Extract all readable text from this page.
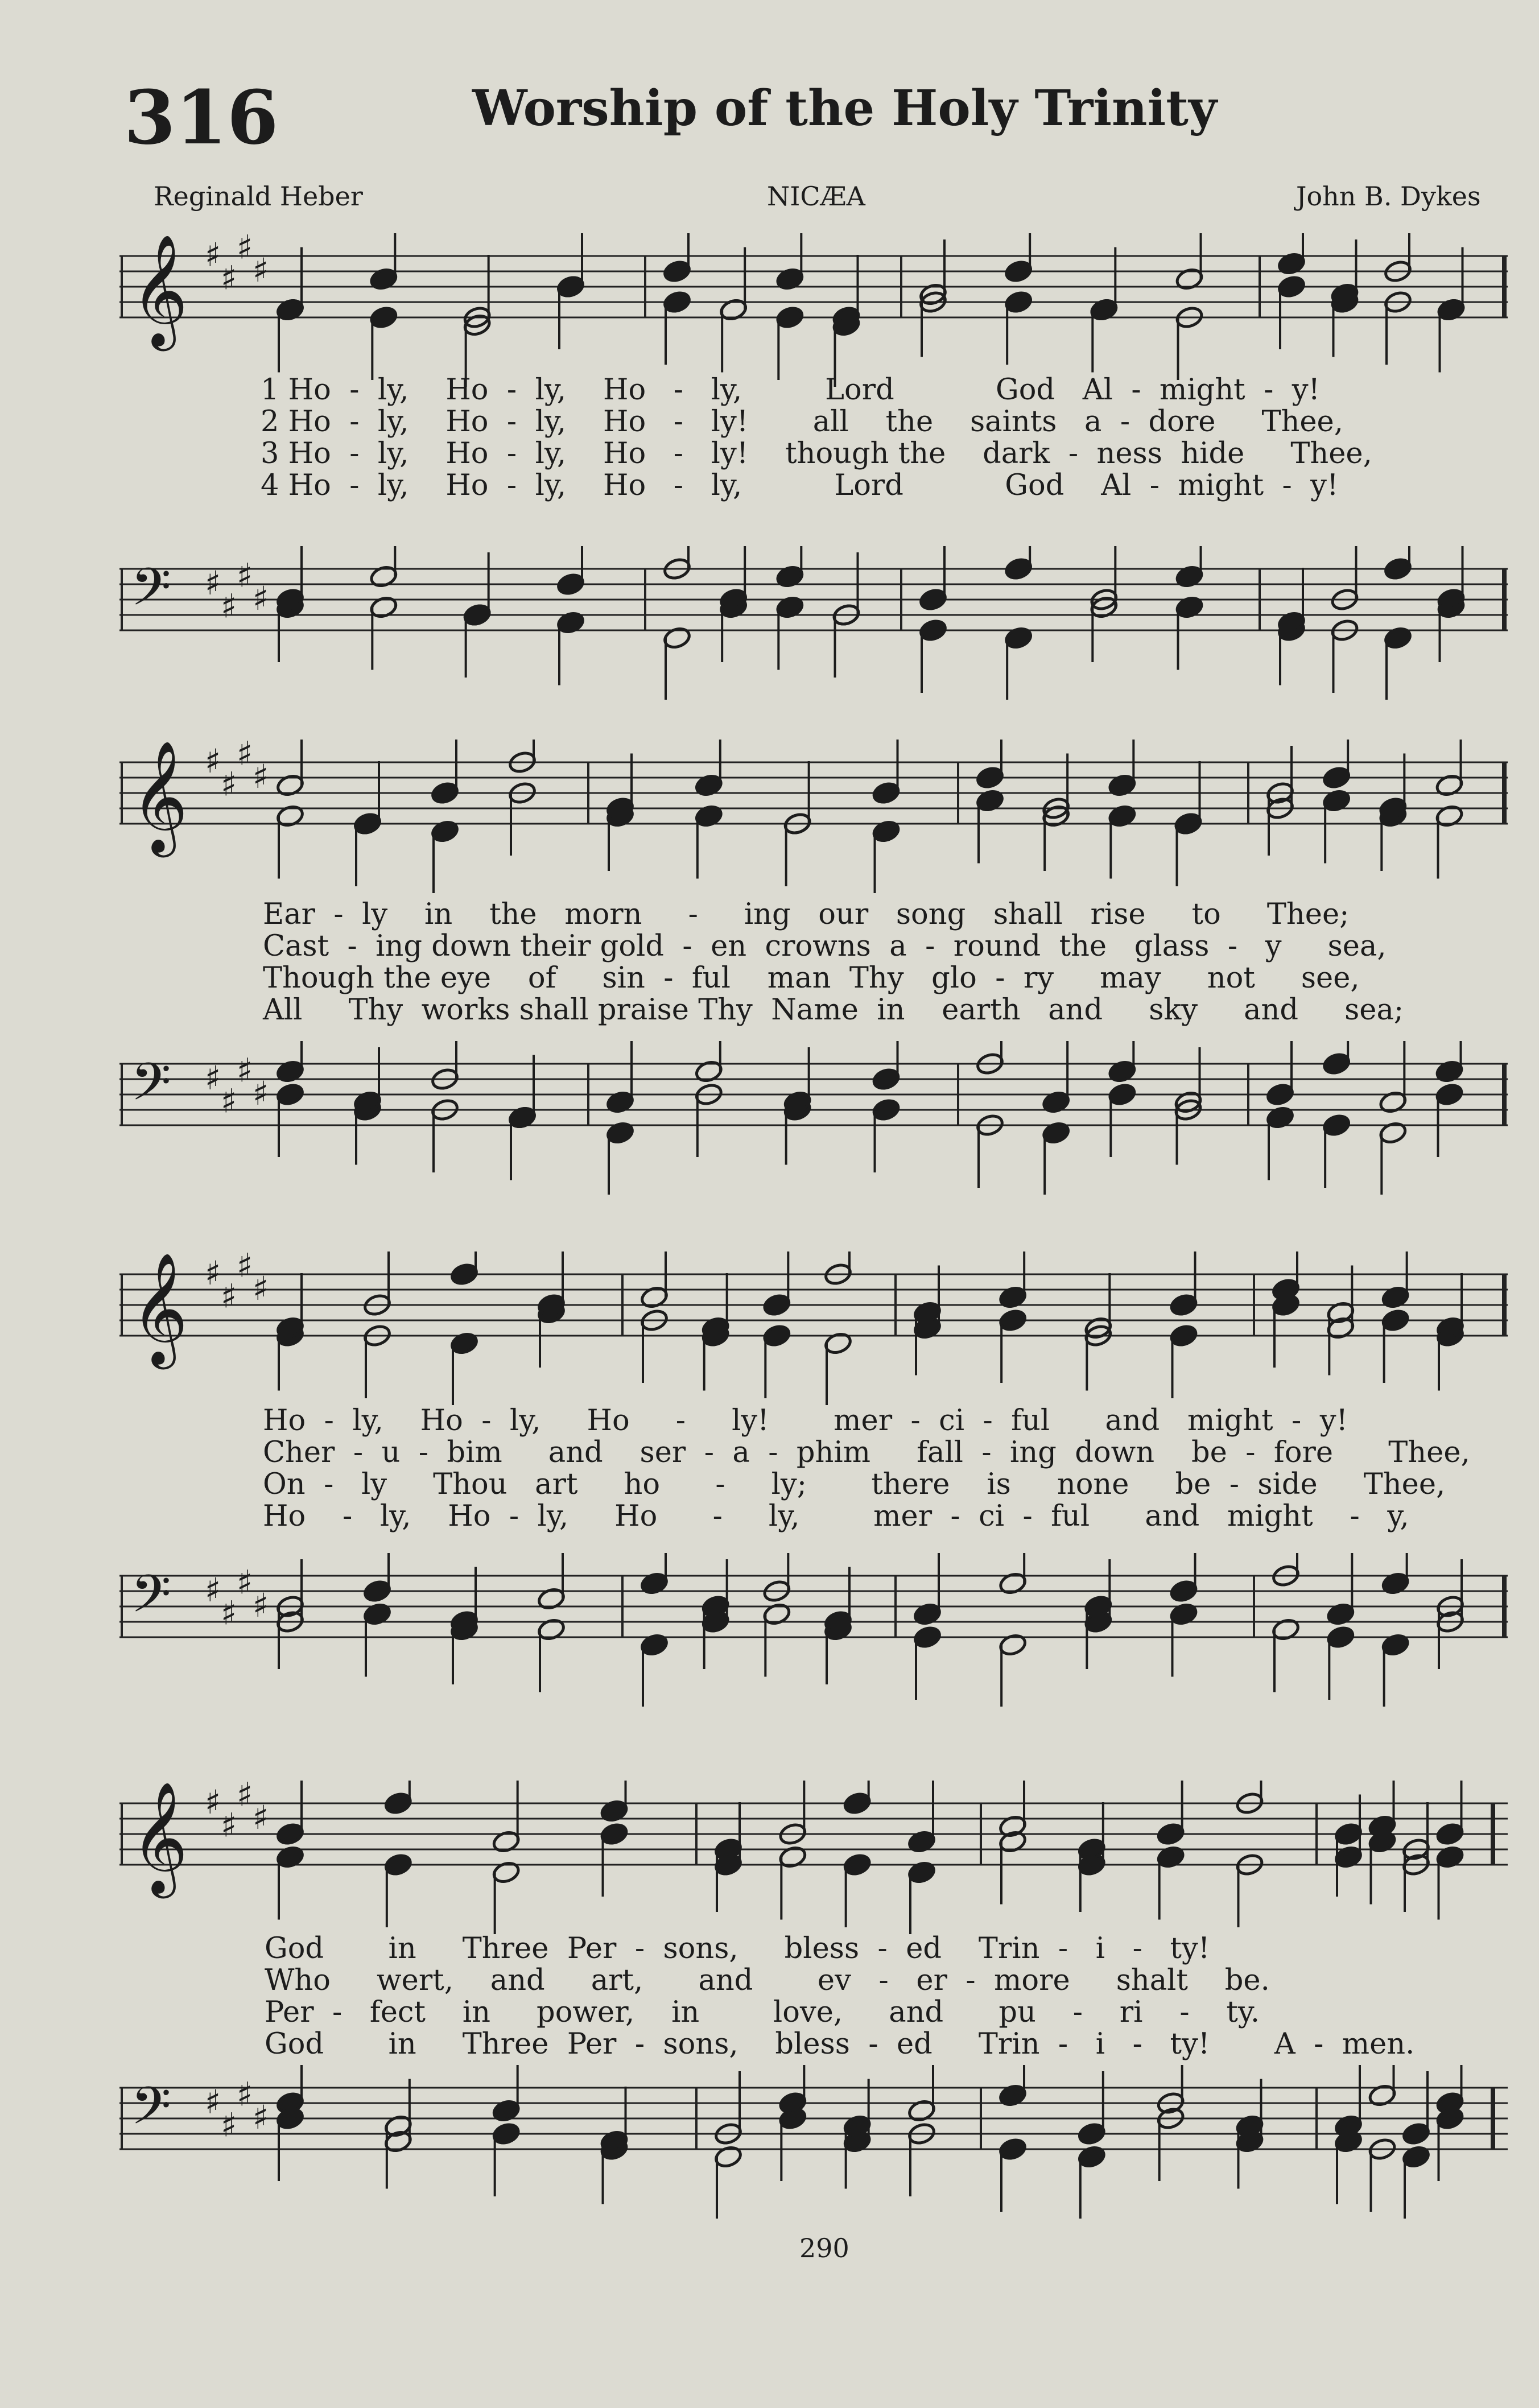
316	Worship of the Holy Trinity
Reginald Heber	NICÆA	John B. Dykes
𝄞 ♯
♯
♯
♯
𝄢 ♯
♯
♯
♯
1 Ho  -  ly,    Ho  -  ly,    Ho   -   ly,         Lord           God   Al  -  might  -  y!
2 Ho  -  ly,    Ho  -  ly,    Ho   -   ly!       all    the    saints   a  -  dore     Thee,
3 Ho  -  ly,    Ho  -  ly,    Ho   -   ly!    though the    dark  -  ness  hide     Thee,
4 Ho  -  ly,    Ho  -  ly,    Ho   -   ly,          Lord           God    Al  -  might  -  y!
𝄞 ♯
♯
♯
♯
𝄢 ♯
♯
♯
♯
Ear  -  ly    in    the   morn     -     ing   our   song   shall   rise     to     Thee;
Cast  -  ing down their gold  -  en  crowns  a  -  round  the   glass  -   y     sea,
Though the eye    of     sin  -  ful    man  Thy   glo  -  ry     may     not     see,
All     Thy  works shall praise Thy  Name  in    earth   and     sky     and     sea;
𝄞 ♯
♯
♯
♯
𝄢 ♯
♯
♯
♯
Ho  -  ly,    Ho  -  ly,     Ho     -     ly!       mer  -  ci  -  ful      and   might  -  y!
Cher  -  u  -  bim     and    ser  -  a  -  phim     fall  -  ing  down    be  -  fore      Thee,
On  -   ly     Thou   art     ho      -     ly;       there    is     none     be  -  side     Thee,
Ho    -   ly,    Ho  -  ly,     Ho      -     ly,        mer  -  ci  -  ful      and   might    -   y,
𝄞 ♯
♯
♯
♯
𝄢 ♯
♯
♯
♯
God       in     Three  Per  -  sons,     bless  -  ed    Trin  -   i   -   ty!
Who     wert,    and     art,      and       ev   -   er  -  more     shalt    be.
Per  -   fect    in     power,    in        love,     and      pu    -    ri    -    ty.
God       in     Three  Per  -  sons,    bless  -  ed     Trin  -   i   -   ty!       A  -  men.
290
